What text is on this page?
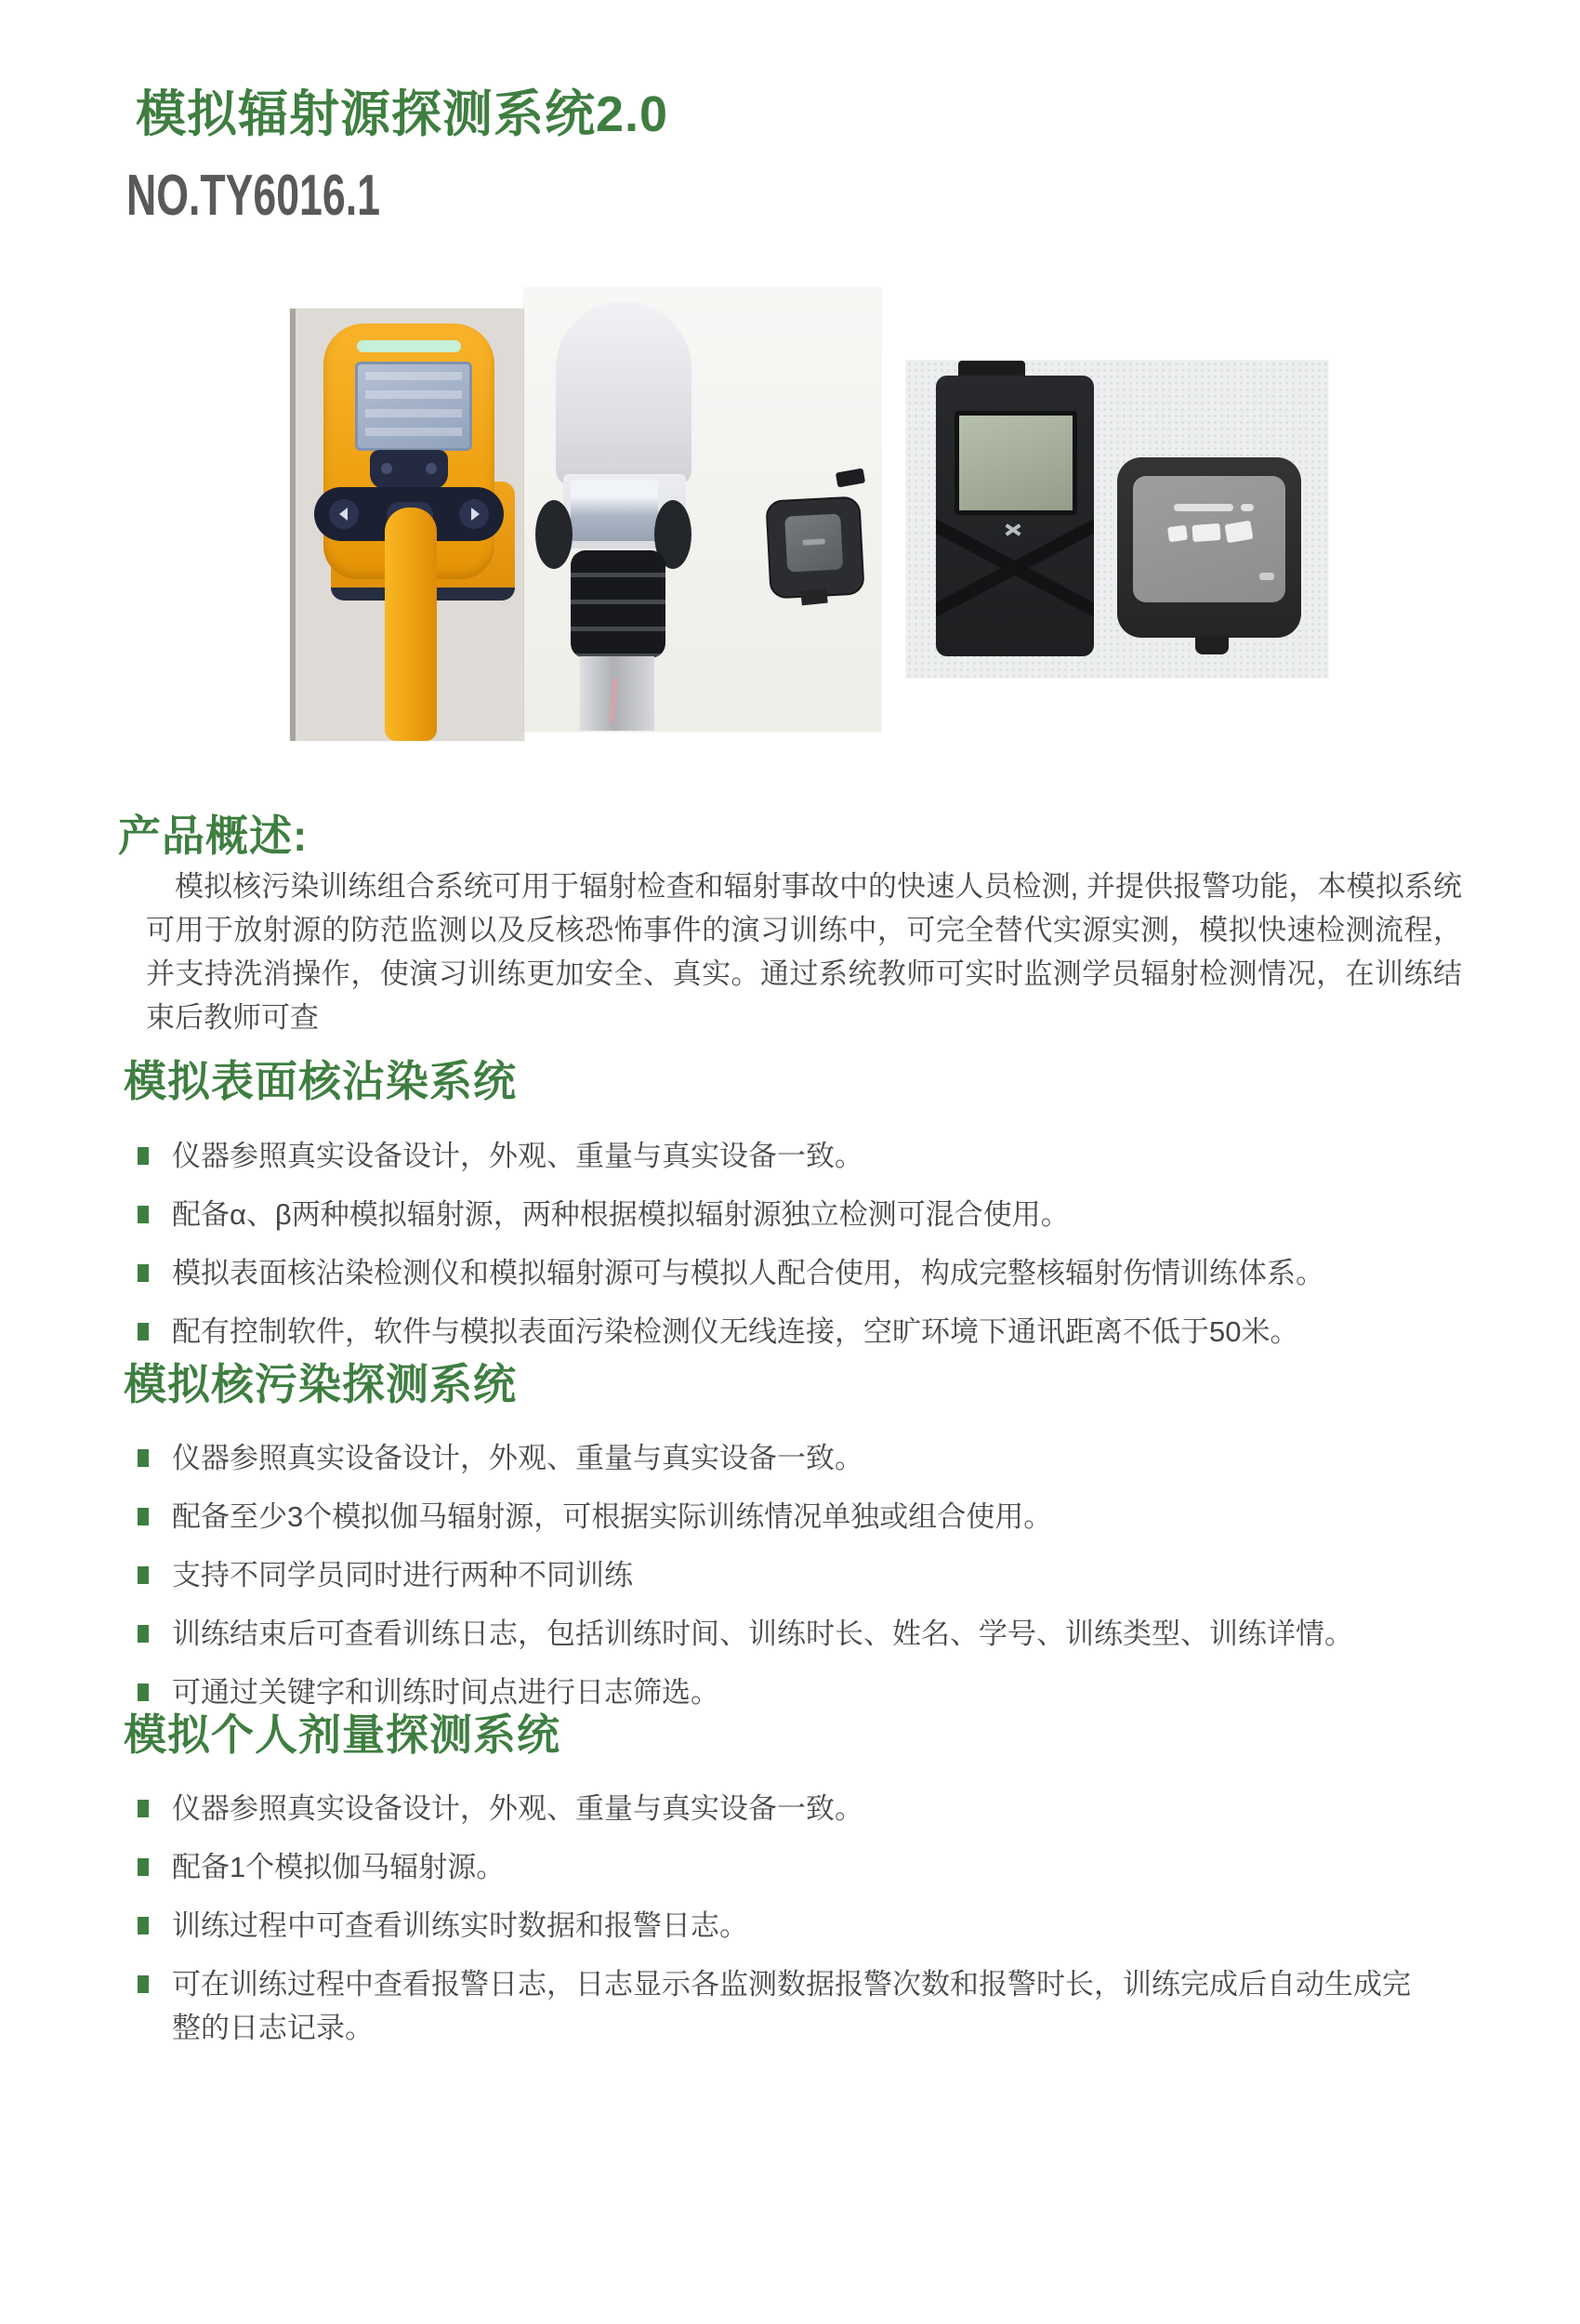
模拟辐射源探测系统2.0
NO.TY6016.1
产品概述:

模拟核污染训练组合系统可用于辐射检查和辐射事故中的快速人员检测, 并提供报警功能，本模拟系统可用于放射源的防范监测以及反核恐怖事件的演习训练中，可完全替代实源实测，模拟快速检测流程，并支持洗消操作，使演习训练更加安全、真实。通过系统教师可实时监测学员辐射检测情况，在训练结束后教师可查

模拟表面核沾染系统
仪器参照真实设备设计，外观、重量与真实设备一致。
配备α、β两种模拟辐射源，两种根据模拟辐射源独立检测可混合使用。
模拟表面核沾染检测仪和模拟辐射源可与模拟人配合使用，构成完整核辐射伤情训练体系。
配有控制软件，软件与模拟表面污染检测仪无线连接，空旷环境下通讯距离不低于50米。
模拟核污染探测系统
仪器参照真实设备设计，外观、重量与真实设备一致。
配备至少3个模拟伽马辐射源，可根据实际训练情况单独或组合使用。
支持不同学员同时进行两种不同训练
训练结束后可查看训练日志，包括训练时间、训练时长、姓名、学号、训练类型、训练详情。
可通过关键字和训练时间点进行日志筛选。
模拟个人剂量探测系统
仪器参照真实设备设计，外观、重量与真实设备一致。
配备1个模拟伽马辐射源。
训练过程中可查看训练实时数据和报警日志。
可在训练过程中查看报警日志，日志显示各监测数据报警次数和报警时长，训练完成后自动生成完整的日志记录。
